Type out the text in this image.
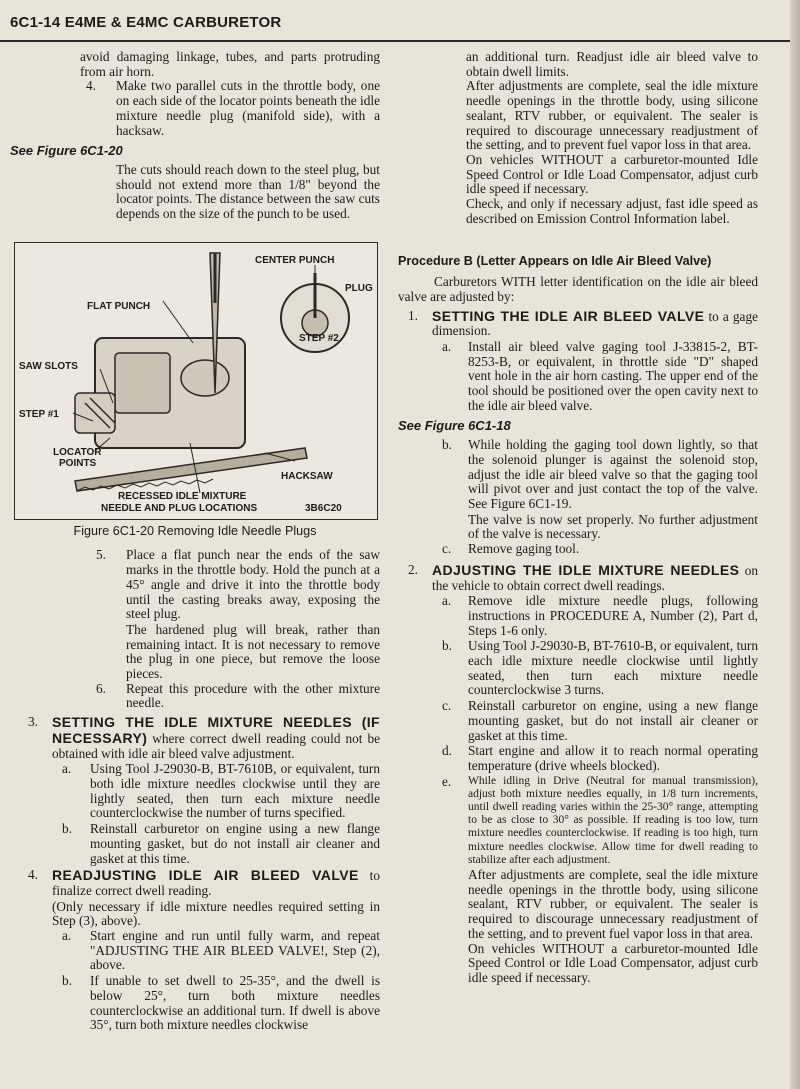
6C1-14 E4ME & E4MC CARBURETOR

avoid damaging linkage, tubes, and parts protruding from air horn.

4.	Make two parallel cuts in the throttle body, one on each side of the locator points beneath the idle mixture needle plug (manifold side), with a hacksaw.
See Figure 6C1-20

The cuts should reach down to the steel plug, but should not extend more than 1/8" beyond the locator points. The distance between the saw cuts depends on the size of the punch to be used.

CENTER PUNCH
PLUG
FLAT PUNCH
STEP #2
SAW SLOTS
STEP #1
LOCATOR
POINTS
HACKSAW
RECESSED IDLE MIXTURE
NEEDLE AND PLUG LOCATIONS	3B6C20
Figure 6C1-20 Removing Idle Needle Plugs
5.	Place a flat punch near the ends of the saw marks in the throttle body. Hold the punch at a 45° angle and drive it into the throttle body until the casting breaks away, exposing the steel plug.

The hardened plug will break, rather than remaining intact. It is not necessary to remove the plug in one piece, but remove the loose pieces.

6.	Repeat this procedure with the other mixture needle.
3.	SETTING THE IDLE MIXTURE NEEDLES (IF NECESSARY) where correct dwell reading could not be obtained with idle air bleed valve adjustment.
a.	Using Tool J-29030-B, BT-7610B, or equivalent, turn both idle mixture needles clockwise until they are lightly seated, then turn each mixture needle counterclockwise the number of turns specified.
b.	Reinstall carburetor on engine using a new flange mounting gasket, but do not install air cleaner and gasket at this time.
4.	READJUSTING IDLE AIR BLEED VALVE to finalize correct dwell reading.

(Only necessary if idle mixture needles required setting in Step (3), above).

a.	Start engine and run until fully warm, and repeat "ADJUSTING THE AIR BLEED VALVE!, Step (2), above.
b.	If unable to set dwell to 25-35°, and the dwell is below 25°, turn both mixture needles counterclockwise an additional turn. If dwell is above 35°, turn both mixture needles clockwise

an additional turn. Readjust idle air bleed valve to obtain dwell limits.

After adjustments are complete, seal the idle mixture needle openings in the throttle body, using silicone sealant, RTV rubber, or equivalent. The sealer is required to discourage unnecessary readjustment of the setting, and to prevent fuel vapor loss in that area.

On vehicles WITHOUT a carburetor-mounted Idle Speed Control or Idle Load Compensator, adjust curb idle speed if necessary.

Check, and only if necessary adjust, fast idle speed as described on Emission Control Information label.

Procedure B (Letter Appears on Idle Air Bleed Valve)

Carburetors WITH letter identification on the idle air bleed valve are adjusted by:

1.	SETTING THE IDLE AIR BLEED VALVE to a gage dimension.
a.	Install air bleed valve gaging tool J-33815-2, BT-8253-B, or equivalent, in throttle side "D" shaped vent hole in the air horn casting. The upper end of the tool should be positioned over the open cavity next to the idle air bleed valve.
See Figure 6C1-18
b.	While holding the gaging tool down lightly, so that the solenoid plunger is against the solenoid stop, adjust the idle air bleed valve so that the gaging tool will pivot over and just contact the top of the valve. See Figure 6C1-19.

The valve is now set properly. No further adjustment of the valve is necessary.

c.	Remove gaging tool.
2.	ADJUSTING THE IDLE MIXTURE NEEDLES on the vehicle to obtain correct dwell readings.
a.	Remove idle mixture needle plugs, following instructions in PROCEDURE A, Number (2), Part d, Steps 1-6 only.
b.	Using Tool J-29030-B, BT-7610-B, or equivalent, turn each idle mixture needle clockwise until lightly seated, then turn each mixture needle counterclockwise 3 turns.
c.	Reinstall carburetor on engine, using a new flange mounting gasket, but do not install air cleaner or gasket at this time.
d.	Start engine and allow it to reach normal operating temperature (drive wheels blocked).
e.	While idling in Drive (Neutral for manual transmission), adjust both mixture needles equally, in 1/8 turn increments, until dwell reading varies within the 25-30° range, attempting to be as close to 30° as possible. If reading is too low, turn mixture needles counterclockwise. If reading is too high, turn mixture needles clockwise. Allow time for dwell reading to stabilize after each adjustment.

After adjustments are complete, seal the idle mixture needle openings in the throttle body, using silicone sealant, RTV rubber, or equivalent. The sealer is required to discourage unnecessary readjustment of the setting, and to prevent fuel vapor loss in that area.

On vehicles WITHOUT a carburetor-mounted Idle Speed Control or Idle Load Compensator, adjust curb idle speed if necessary.
